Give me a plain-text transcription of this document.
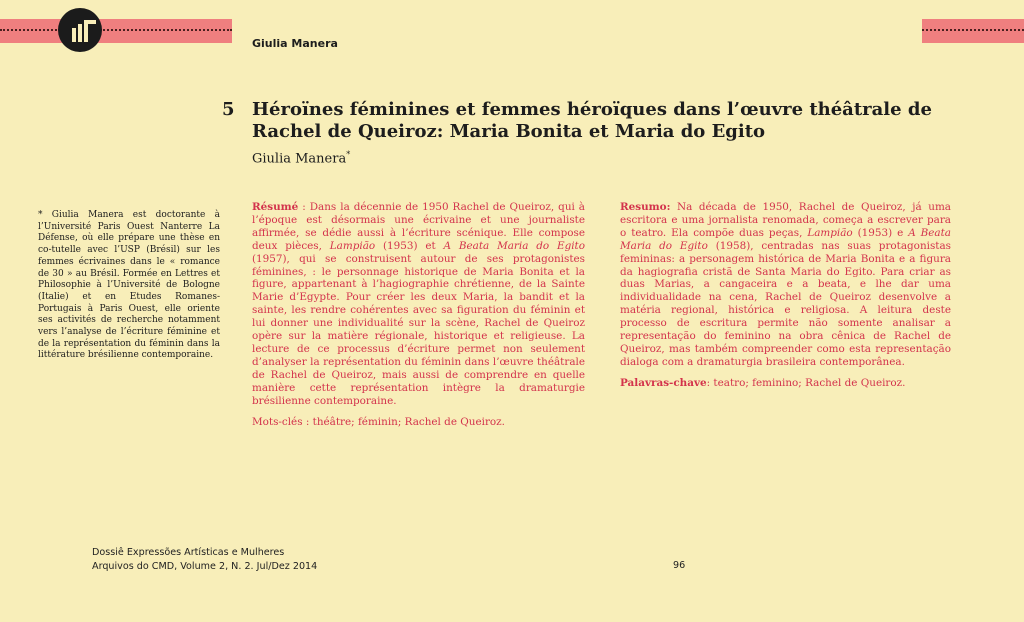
Giulia Manera
5 Héroïnes féminines et femmes héroïques dans l’œuvre théâtrale de Rachel de Queiroz: Maria Bonita et Maria do Egito
Giulia Manera*
* Giulia Manera est doctorante à l’Université Paris Ouest Nanterre La Défense, où elle prépare une thèse en co-tutelle avec l’USP (Brésil) sur les femmes écrivaines dans le « romance de 30 » au Brésil. Formée en Lettres et Philosophie à l’Université de Bologne (Italie) et en Etudes Romanes-Portugais à Paris Ouest, elle oriente ses activités de recherche notamment vers l’analyse de l’écriture féminine et de la représentation du féminin dans la littérature brésilienne contemporaine.

Résumé : Dans la décennie de 1950 Rachel de Queiroz, qui à l’époque est désormais une écrivaine et une journaliste affirmée, se dédie aussi à l’écriture scénique. Elle compose deux pièces, Lampião (1953) et A Beata Maria do Egito (1957), qui se construisent autour de ses protagonistes féminines, : le personnage historique de Maria Bonita et la figure, appartenant à l’hagiographie chrétienne, de la Sainte Marie d’Egypte. Pour créer les deux Maria, la bandit et la sainte, les rendre cohérentes avec sa figuration du féminin et lui donner une individualité sur la scène, Rachel de Queiroz opère sur la matière régionale, historique et religieuse. La lecture de ce processus d’écriture permet non seulement d’analyser la représentation du féminin dans l’œuvre théâtrale de Rachel de Queiroz, mais aussi de comprendre en quelle manière cette représentation intègre la dramaturgie brésilienne contemporaine.

Mots-clés : théâtre; féminin; Rachel de Queiroz.

Resumo: Na década de 1950, Rachel de Queiroz, já uma escritora e uma jornalista renomada, começa a escrever para o teatro. Ela compõe duas peças, Lampião (1953) e A Beata Maria do Egito (1958), centradas nas suas protagonistas femininas: a personagem histórica de Maria Bonita e a figura da hagiografia cristã de Santa Maria do Egito. Para criar as duas Marias, a cangaceira e a beata, e lhe dar uma individualidade na cena, Rachel de Queiroz desenvolve a matéria regional, histórica e religiosa. A leitura deste processo de escritura permite não somente analisar a representação do feminino na obra cênica de Rachel de Queiroz, mas também compreender como esta representação dialoga com a dramaturgia brasileira contemporânea.

Palavras-chave: teatro; feminino; Rachel de Queiroz.

Dossiê Expressões Artísticas e Mulheres
Arquivos do CMD, Volume 2, N. 2. Jul/Dez 2014	96
